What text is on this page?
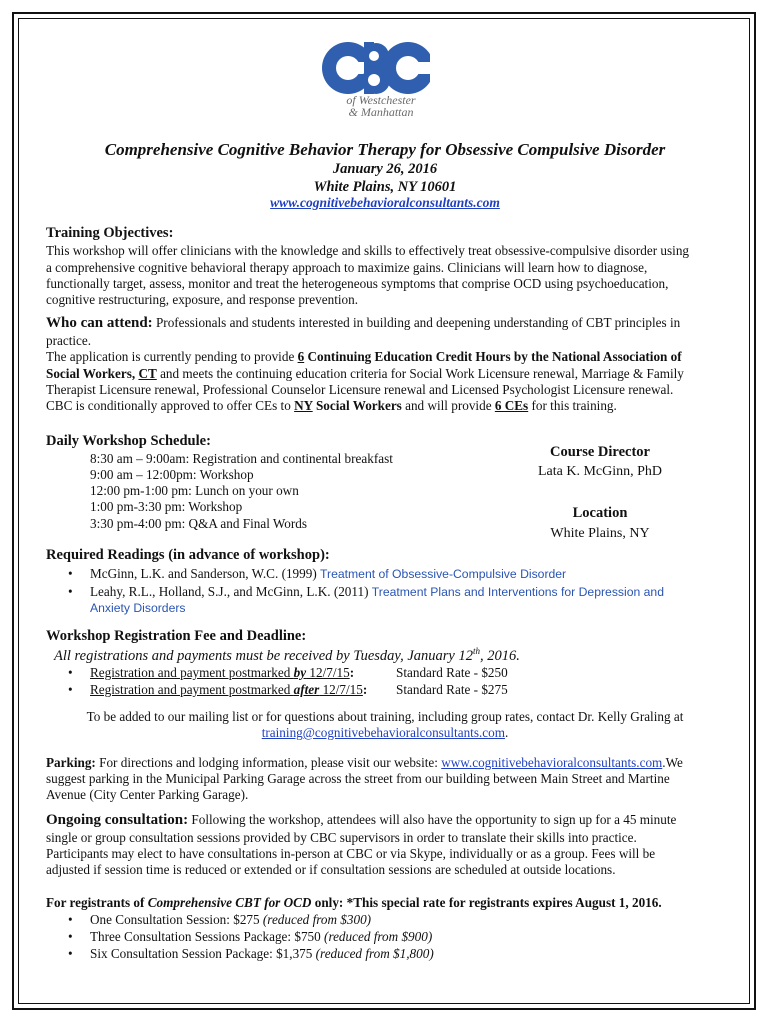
of Westchester
& Manhattan
Comprehensive Cognitive Behavior Therapy for Obsessive Compulsive Disorder
January 26, 2016
White Plains, NY 10601
www.cognitivebehavioralconsultants.com
Training Objectives:
This workshop will offer clinicians with the knowledge and skills to effectively treat obsessive-compulsive disorder using
a comprehensive cognitive behavioral therapy approach to maximize gains. Clinicians will learn how to diagnose,
functionally target, assess, monitor and treat the heterogeneous symptoms that comprise OCD using psychoeducation,
cognitive restructuring, exposure, and response prevention.
Who can attend: Professionals and students interested in building and deepening understanding of CBT principles in
practice.
The application is currently pending to provide 6 Continuing Education Credit Hours by the National Association of
Social Workers, CT and meets the continuing education criteria for Social Work Licensure renewal, Marriage & Family
Therapist Licensure renewal, Professional Counselor Licensure renewal and Licensed Psychologist Licensure renewal.
CBC is conditionally approved to offer CEs to NY Social Workers and will provide 6 CEs for this training.
Daily Workshop Schedule:
8:30 am – 9:00am: Registration and continental breakfast
9:00 am – 12:00pm: Workshop
12:00 pm-1:00 pm: Lunch on your own
1:00 pm-3:30 pm: Workshop
3:30 pm-4:00 pm: Q&A and Final Words
Course Director
Lata K. McGinn, PhD
Location
White Plains, NY
Required Readings (in advance of workshop):
• McGinn, L.K. and Sanderson, W.C. (1999) Treatment of Obsessive-Compulsive Disorder
• Leahy, R.L., Holland, S.J., and McGinn, L.K. (2011) Treatment Plans and Interventions for Depression and
Anxiety Disorders
Workshop Registration Fee and Deadline:
All registrations and payments must be received by Tuesday, January 12th, 2016.
• Registration and payment postmarked by 12/7/15:	Standard Rate - $250
• Registration and payment postmarked after 12/7/15: Standard Rate - $275
To be added to our mailing list or for questions about training, including group rates, contact Dr. Kelly Graling at
training@cognitivebehavioralconsultants.com.
Parking: For directions and lodging information, please visit our website: www.cognitivebehavioralconsultants.com.We
suggest parking in the Municipal Parking Garage across the street from our building between Main Street and Martine
Avenue (City Center Parking Garage).
Ongoing consultation: Following the workshop, attendees will also have the opportunity to sign up for a 45 minute
single or group consultation sessions provided by CBC supervisors in order to translate their skills into practice.
Participants may elect to have consultations in-person at CBC or via Skype, individually or as a group. Fees will be
adjusted if session time is reduced or extended or if consultation sessions are scheduled at outside locations.
For registrants of Comprehensive CBT for OCD only: *This special rate for registrants expires August 1, 2016.
• One Consultation Session: $275 (reduced from $300)
• Three Consultation Sessions Package: $750 (reduced from $900)
• Six Consultation Session Package: $1,375 (reduced from $1,800)
